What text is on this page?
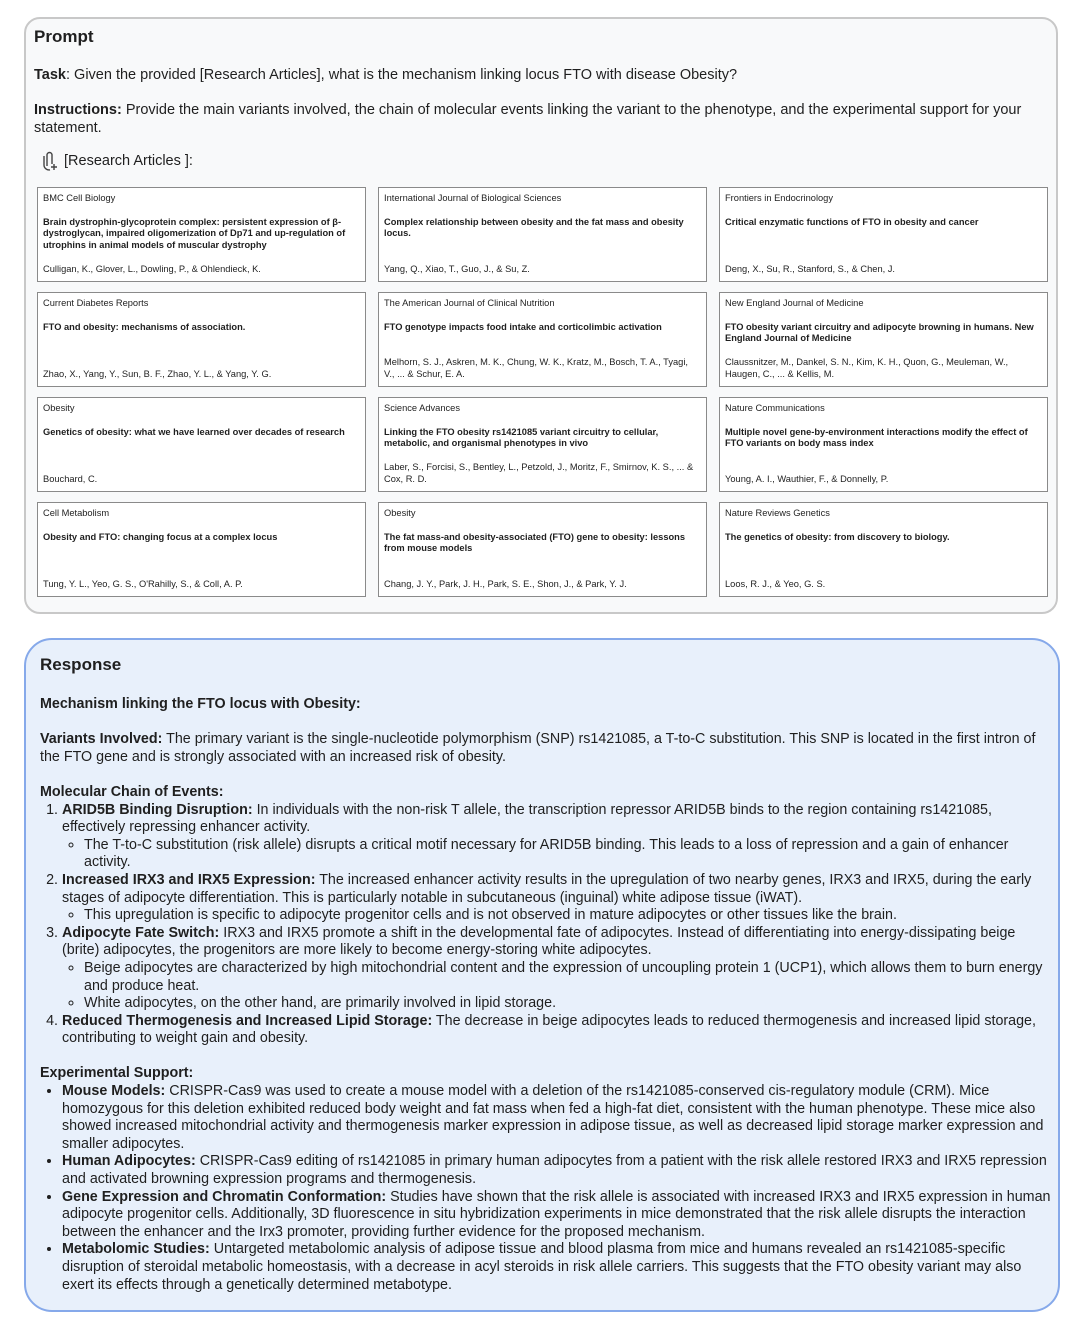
Prompt
Task: Given the provided [Research Articles], what is the mechanism linking locus FTO with disease Obesity?
Instructions: Provide the main variants involved, the chain of molecular events linking the variant to the phenotype, and the experimental support for your statement.
[Research Articles ]:
BMC Cell Biology
Brain dystrophin-glycoprotein complex: persistent expression of β-dystroglycan, impaired oligomerization of Dp71 and up-regulation of utrophins in animal models of muscular dystrophy
Culligan, K., Glover, L., Dowling, P., & Ohlendieck, K.
International Journal of Biological Sciences
Complex relationship between obesity and the fat mass and obesity locus.
Yang, Q., Xiao, T., Guo, J., & Su, Z.
Frontiers in Endocrinology
Critical enzymatic functions of FTO in obesity and cancer
Deng, X., Su, R., Stanford, S., & Chen, J.
Current Diabetes Reports
FTO and obesity: mechanisms of association.
Zhao, X., Yang, Y., Sun, B. F., Zhao, Y. L., & Yang, Y. G.
The American Journal of Clinical Nutrition
FTO genotype impacts food intake and corticolimbic activation
Melhorn, S. J., Askren, M. K., Chung, W. K., Kratz, M., Bosch, T. A., Tyagi, V., ... & Schur, E. A.
New England Journal of Medicine
FTO obesity variant circuitry and adipocyte browning in humans. New England Journal of Medicine
Claussnitzer, M., Dankel, S. N., Kim, K. H., Quon, G., Meuleman, W., Haugen, C., ... & Kellis, M.
Obesity
Genetics of obesity: what we have learned over decades of research
Bouchard, C.
Science Advances
Linking the FTO obesity rs1421085 variant circuitry to cellular, metabolic, and organismal phenotypes in vivo
Laber, S., Forcisi, S., Bentley, L., Petzold, J., Moritz, F., Smirnov, K. S., ... & Cox, R. D.
Nature Communications
Multiple novel gene-by-environment interactions modify the effect of FTO variants on body mass index
Young, A. I., Wauthier, F., & Donnelly, P.
Cell Metabolism
Obesity and FTO: changing focus at a complex locus
Tung, Y. L., Yeo, G. S., O'Rahilly, S., & Coll, A. P.
Obesity
The fat mass-and obesity-associated (FTO) gene to obesity: lessons from mouse models
Chang, J. Y., Park, J. H., Park, S. E., Shon, J., & Park, Y. J.
Nature Reviews Genetics
The genetics of obesity: from discovery to biology.
Loos, R. J., & Yeo, G. S.
Response

Mechanism linking the FTO locus with Obesity:

Variants Involved: The primary variant is the single-nucleotide polymorphism (SNP) rs1421085, a T-to-C substitution. This SNP is located in the first intron of the FTO gene and is strongly associated with an increased risk of obesity.

Molecular Chain of Events:

1. ARID5B Binding Disruption: In individuals with the non-risk T allele, the transcription repressor ARID5B binds to the region containing rs1421085, effectively repressing enhancer activity.
◦ The T-to-C substitution (risk allele) disrupts a critical motif necessary for ARID5B binding. This leads to a loss of repression and a gain of enhancer activity.
2. Increased IRX3 and IRX5 Expression: The increased enhancer activity results in the upregulation of two nearby genes, IRX3 and IRX5, during the early stages of adipocyte differentiation. This is particularly notable in subcutaneous (inguinal) white adipose tissue (iWAT).
◦ This upregulation is specific to adipocyte progenitor cells and is not observed in mature adipocytes or other tissues like the brain.
3. Adipocyte Fate Switch: IRX3 and IRX5 promote a shift in the developmental fate of adipocytes. Instead of differentiating into energy-dissipating beige (brite) adipocytes, the progenitors are more likely to become energy-storing white adipocytes.
◦ Beige adipocytes are characterized by high mitochondrial content and the expression of uncoupling protein 1 (UCP1), which allows them to burn energy and produce heat.
◦ White adipocytes, on the other hand, are primarily involved in lipid storage.
4. Reduced Thermogenesis and Increased Lipid Storage: The decrease in beige adipocytes leads to reduced thermogenesis and increased lipid storage, contributing to weight gain and obesity.

Experimental Support:

• Mouse Models: CRISPR-Cas9 was used to create a mouse model with a deletion of the rs1421085-conserved cis-regulatory module (CRM). Mice homozygous for this deletion exhibited reduced body weight and fat mass when fed a high-fat diet, consistent with the human phenotype. These mice also showed increased mitochondrial activity and thermogenesis marker expression in adipose tissue, as well as decreased lipid storage marker expression and smaller adipocytes.
• Human Adipocytes: CRISPR-Cas9 editing of rs1421085 in primary human adipocytes from a patient with the risk allele restored IRX3 and IRX5 repression and activated browning expression programs and thermogenesis.
• Gene Expression and Chromatin Conformation: Studies have shown that the risk allele is associated with increased IRX3 and IRX5 expression in human adipocyte progenitor cells. Additionally, 3D fluorescence in situ hybridization experiments in mice demonstrated that the risk allele disrupts the interaction between the enhancer and the Irx3 promoter, providing further evidence for the proposed mechanism.
• Metabolomic Studies: Untargeted metabolomic analysis of adipose tissue and blood plasma from mice and humans revealed an rs1421085-specific disruption of steroidal metabolic homeostasis, with a decrease in acyl steroids in risk allele carriers. This suggests that the FTO obesity variant may also exert its effects through a genetically determined metabotype.
